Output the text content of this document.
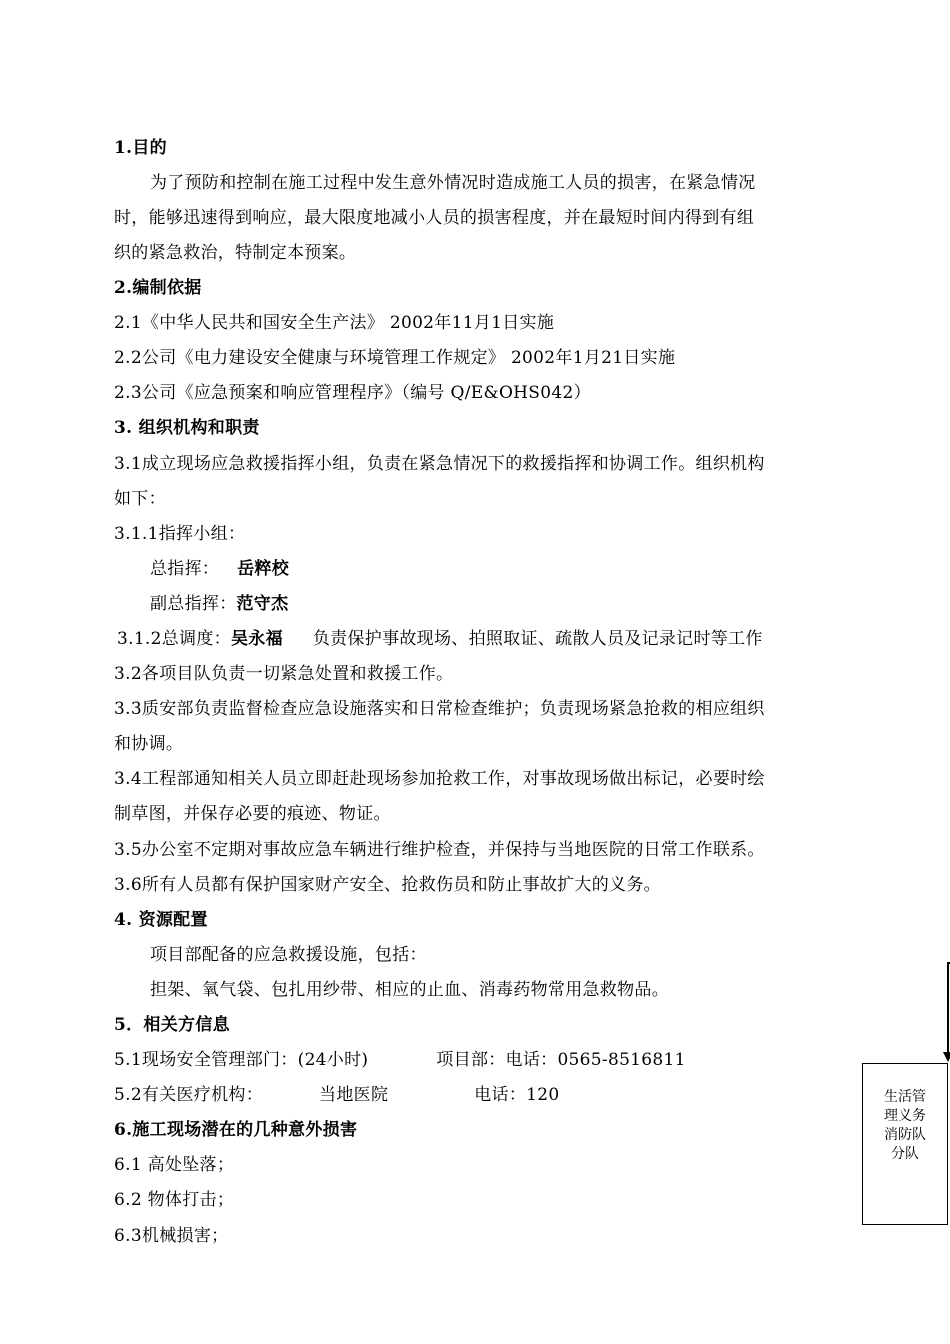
1.目的
为了预防和控制在施工过程中发生意外情况时造成施工人员的损害，在紧急情况
时，能够迅速得到响应，最大限度地减小人员的损害程度，并在最短时间内得到有组
织的紧急救治，特制定本预案。
2.编制依据
2.1《中华人民共和国安全生产法》 2002年11月1日实施
2.2公司《电力建设安全健康与环境管理工作规定》 2002年1月21日实施
2.3公司《应急预案和响应管理程序》（编号 Q/E&OHS042）
3. 组织机构和职责
3.1成立现场应急救援指挥小组，负责在紧急情况下的救援指挥和协调工作。组织机构
如下：
3.1.1指挥小组：
总指挥： 岳粹校
副总指挥：范守杰
3.1.2总调度：吴永福 负责保护事故现场、拍照取证、疏散人员及记录记时等工作
3.2各项目队负责一切紧急处置和救援工作。
3.3质安部负责监督检查应急设施落实和日常检查维护；负责现场紧急抢救的相应组织
和协调。
3.4工程部通知相关人员立即赶赴现场参加抢救工作，对事故现场做出标记，必要时绘
制草图，并保存必要的痕迹、物证。
3.5办公室不定期对事故应急车辆进行维护检查，并保持与当地医院的日常工作联系。
3.6所有人员都有保护国家财产安全、抢救伤员和防止事故扩大的义务。
4. 资源配置
项目部配备的应急救援设施，包括：
担架、氧气袋、包扎用纱带、相应的止血、消毒药物常用急救物品。
5．相关方信息
5.1现场安全管理部门：(24小时)	项目部：电话：0565-8516811
5.2有关医疗机构：	当地医院	电话：120
6.施工现场潜在的几种意外损害
6.1 高处坠落；
6.2 物体打击；
6.3机械损害；
生活管
理义务
消防队
分队
